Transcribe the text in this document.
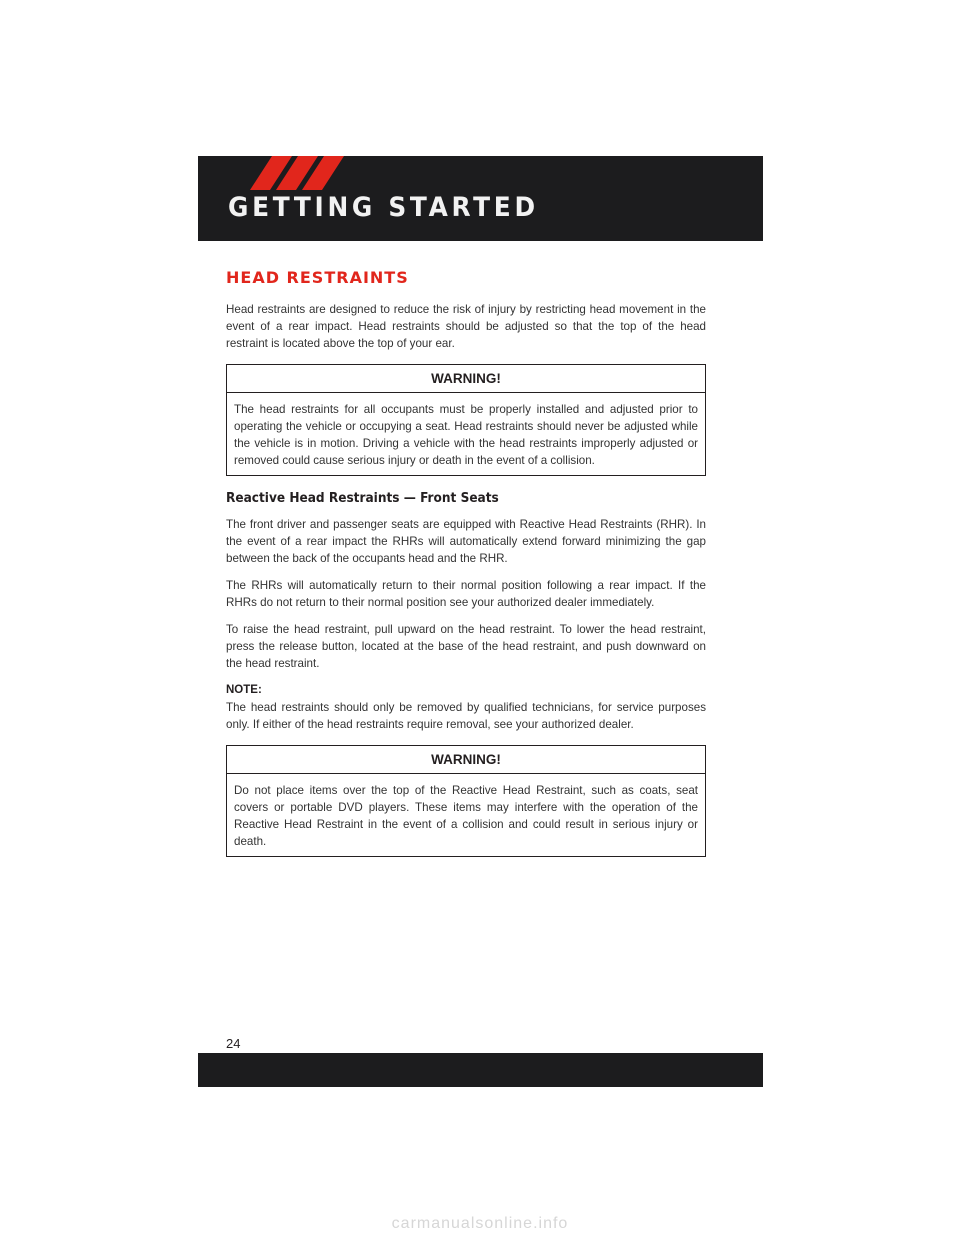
GETTING STARTED
HEAD RESTRAINTS

Head restraints are designed to reduce the risk of injury by restricting head movement in the event of a rear impact. Head restraints should be adjusted so that the top of the head restraint is located above the top of your ear.

WARNING!

The head restraints for all occupants must be properly installed and adjusted prior to operating the vehicle or occupying a seat. Head restraints should never be adjusted while the vehicle is in motion. Driving a vehicle with the head restraints improperly adjusted or removed could cause serious injury or death in the event of a collision.

Reactive Head Restraints — Front Seats

The front driver and passenger seats are equipped with Reactive Head Restraints (RHR). In the event of a rear impact the RHRs will automatically extend forward minimizing the gap between the back of the occupants head and the RHR.

The RHRs will automatically return to their normal position following a rear impact. If the RHRs do not return to their normal position see your authorized dealer immediately.

To raise the head restraint, pull upward on the head restraint. To lower the head restraint, press the release button, located at the base of the head restraint, and push downward on the head restraint.

NOTE:

The head restraints should only be removed by qualified technicians, for service purposes only. If either of the head restraints require removal, see your authorized dealer.

WARNING!

Do not place items over the top of the Reactive Head Restraint, such as coats, seat covers or portable DVD players. These items may interfere with the operation of the Reactive Head Restraint in the event of a collision and could result in serious injury or death.

24
carmanualsonline.info
